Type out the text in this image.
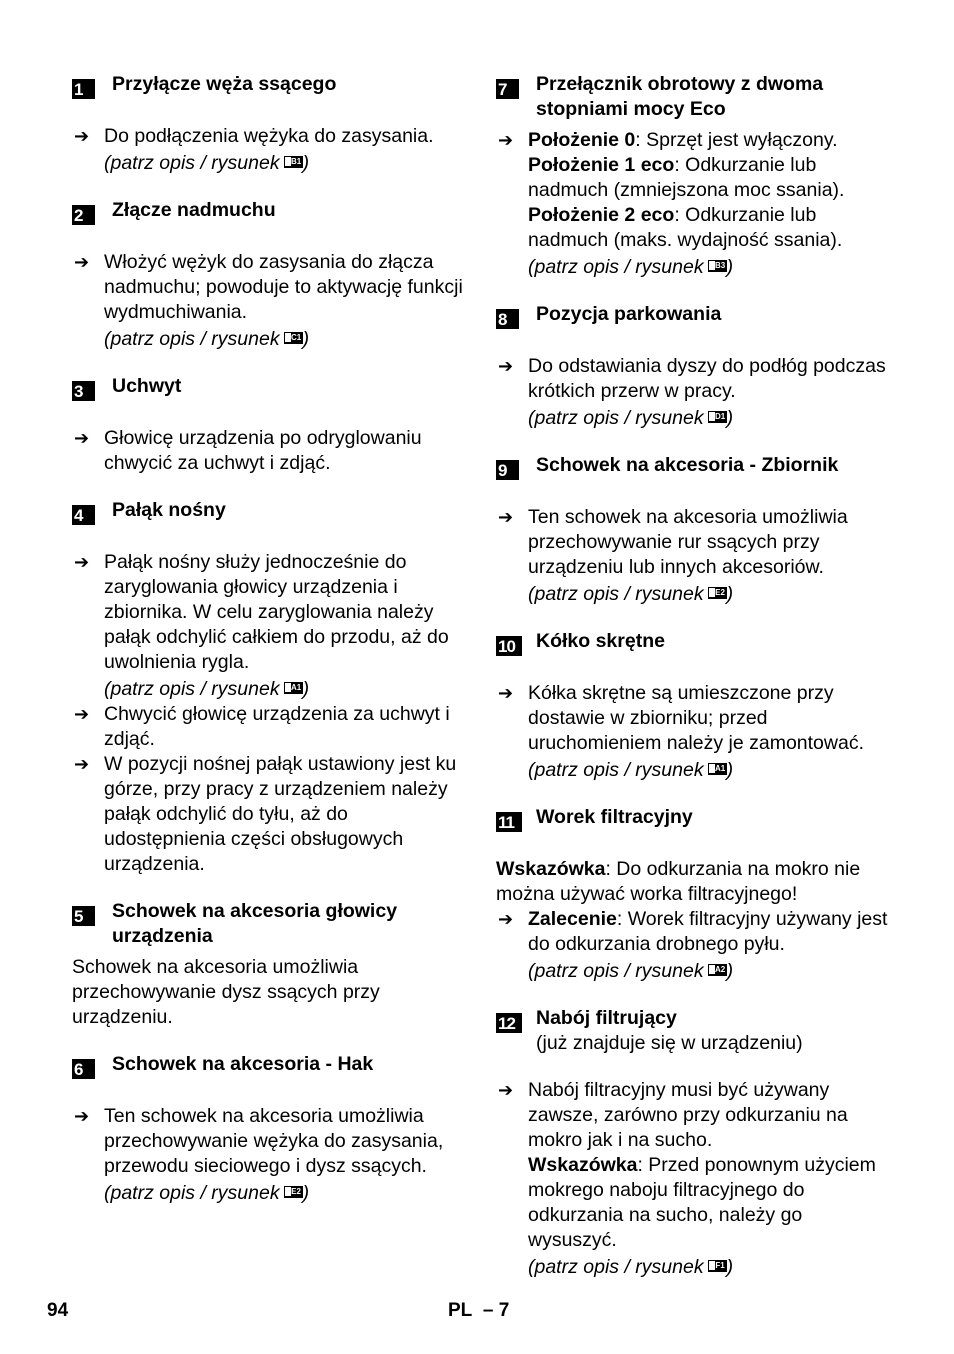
1	Przyłącze węża ssącego
➔ Do podłączenia wężyka do zasysania.

(patrz opis / rysunek B1)

2	Złącze nadmuchu
➔ Włożyć wężyk do zasysania do złącza nadmuchu; powoduje to aktywację funkcji wydmuchiwania.

(patrz opis / rysunek C1)

3	Uchwyt
➔ Głowicę urządzenia po odryglowaniu chwycić za uchwyt i zdjąć.

4	Pałąk nośny
➔ Pałąk nośny służy jednocześnie do zaryglowania głowicy urządzenia i zbiornika. W celu zaryglowania należy pałąk odchylić całkiem do przodu, aż do uwolnienia rygla.

(patrz opis / rysunek A1)

➔ Chwycić głowicę urządzenia za uchwyt i zdjąć.

➔ W pozycji nośnej pałąk ustawiony jest ku górze, przy pracy z urządzeniem należy pałąk odchylić do tyłu, aż do udostępnienia części obsługowych urządzenia.

5	Schowek na akcesoria głowicy urządzenia

Schowek na akcesoria umożliwia przechowywanie dysz ssących przy urządzeniu.

6	Schowek na akcesoria - Hak
➔ Ten schowek na akcesoria umożliwia przechowywanie wężyka do zasysania, przewodu sieciowego i dysz ssących.

(patrz opis / rysunek E2)

7	Przełącznik obrotowy z dwoma stopniami mocy Eco
➔ Położenie 0: Sprzęt jest wyłączony.

Położenie 1 eco: Odkurzanie lub nadmuch (zmniejszona moc ssania).

Położenie 2 eco: Odkurzanie lub nadmuch (maks. wydajność ssania).

(patrz opis / rysunek B3)

8	Pozycja parkowania
➔ Do odstawiania dyszy do podłóg podczas krótkich przerw w pracy.

(patrz opis / rysunek D1)

9	Schowek na akcesoria - Zbiornik
➔ Ten schowek na akcesoria umożliwia przechowywanie rur ssących przy urządzeniu lub innych akcesoriów.

(patrz opis / rysunek E2)

10	Kółko skrętne
➔ Kółka skrętne są umieszczone przy dostawie w zbiorniku; przed uruchomieniem należy je zamontować.

(patrz opis / rysunek A1)

11	Worek filtracyjny

Wskazówka: Do odkurzania na mokro nie można używać worka filtracyjnego!

➔ Zalecenie: Worek filtracyjny używany jest do odkurzania drobnego pyłu.

(patrz opis / rysunek A2)

12	Nabój filtrujący
(już znajduje się w urządzeniu)
➔ Nabój filtracyjny musi być używany zawsze, zarówno przy odkurzaniu na mokro jak i na sucho.

Wskazówka: Przed ponownym użyciem mokrego naboju filtracyjnego do odkurzania na sucho, należy go wysuszyć.

(patrz opis / rysunek F1)

94	PL – 7
